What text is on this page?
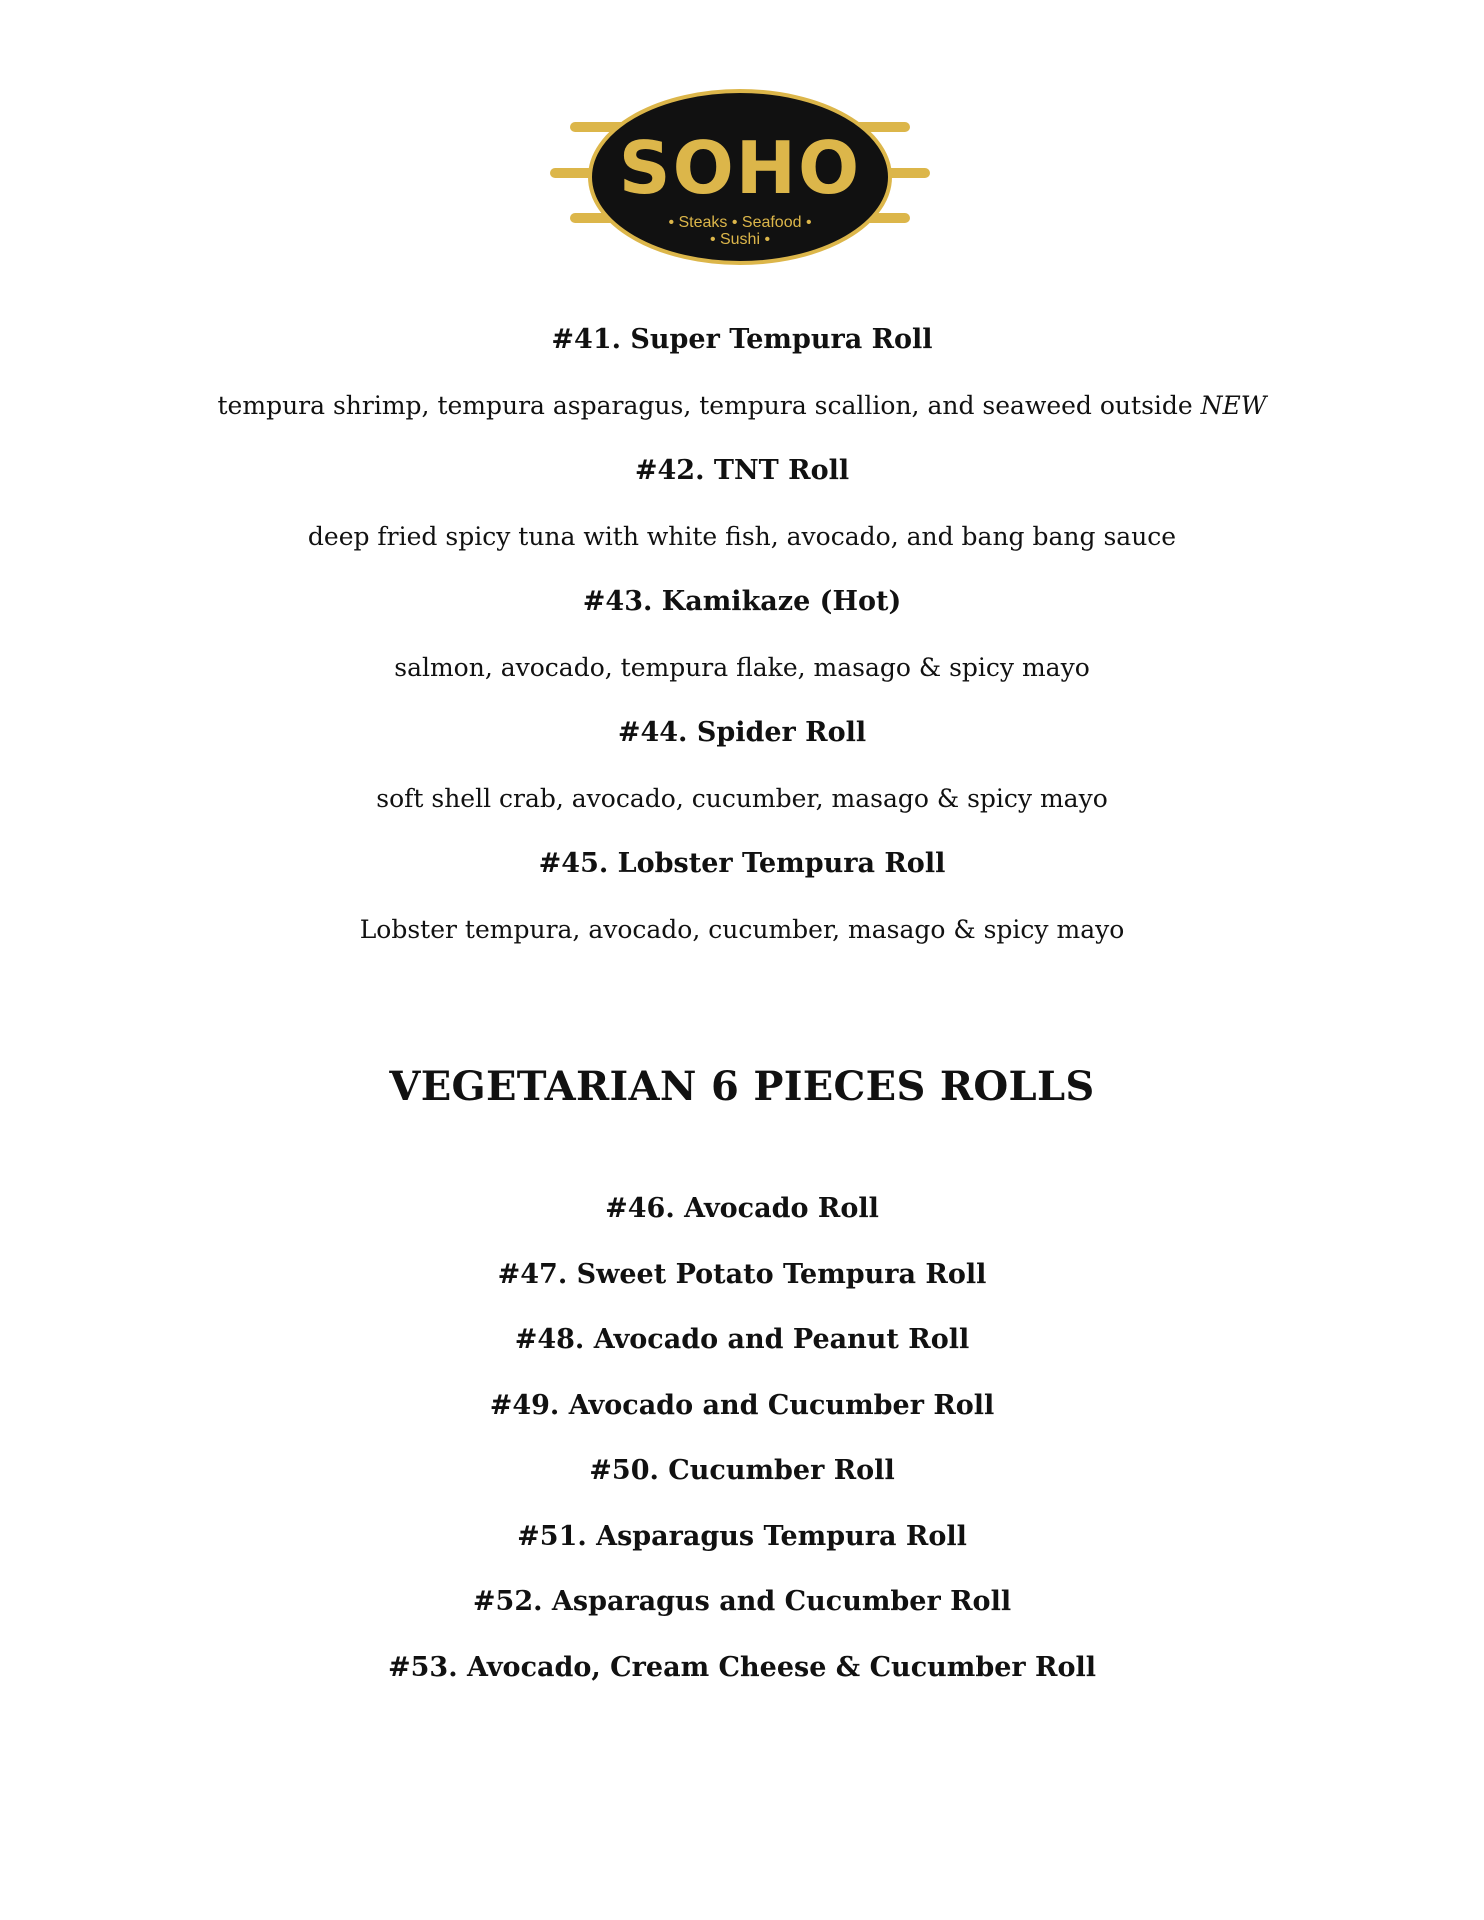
SOHO
• Steaks • Seafood •
• Sushi •
#41. Super Tempura Roll
tempura shrimp, tempura asparagus, tempura scallion, and seaweed outside NEW
#42. TNT Roll
deep fried spicy tuna with white fish, avocado, and bang bang sauce
#43. Kamikaze (Hot)
salmon, avocado, tempura flake, masago & spicy mayo
#44. Spider Roll
soft shell crab, avocado, cucumber, masago & spicy mayo
#45. Lobster Tempura Roll
Lobster tempura, avocado, cucumber, masago & spicy mayo
VEGETARIAN 6 PIECES ROLLS
#46. Avocado Roll
#47. Sweet Potato Tempura Roll
#48. Avocado and Peanut Roll
#49. Avocado and Cucumber Roll
#50. Cucumber Roll
#51. Asparagus Tempura Roll
#52. Asparagus and Cucumber Roll
#53. Avocado, Cream Cheese & Cucumber Roll
